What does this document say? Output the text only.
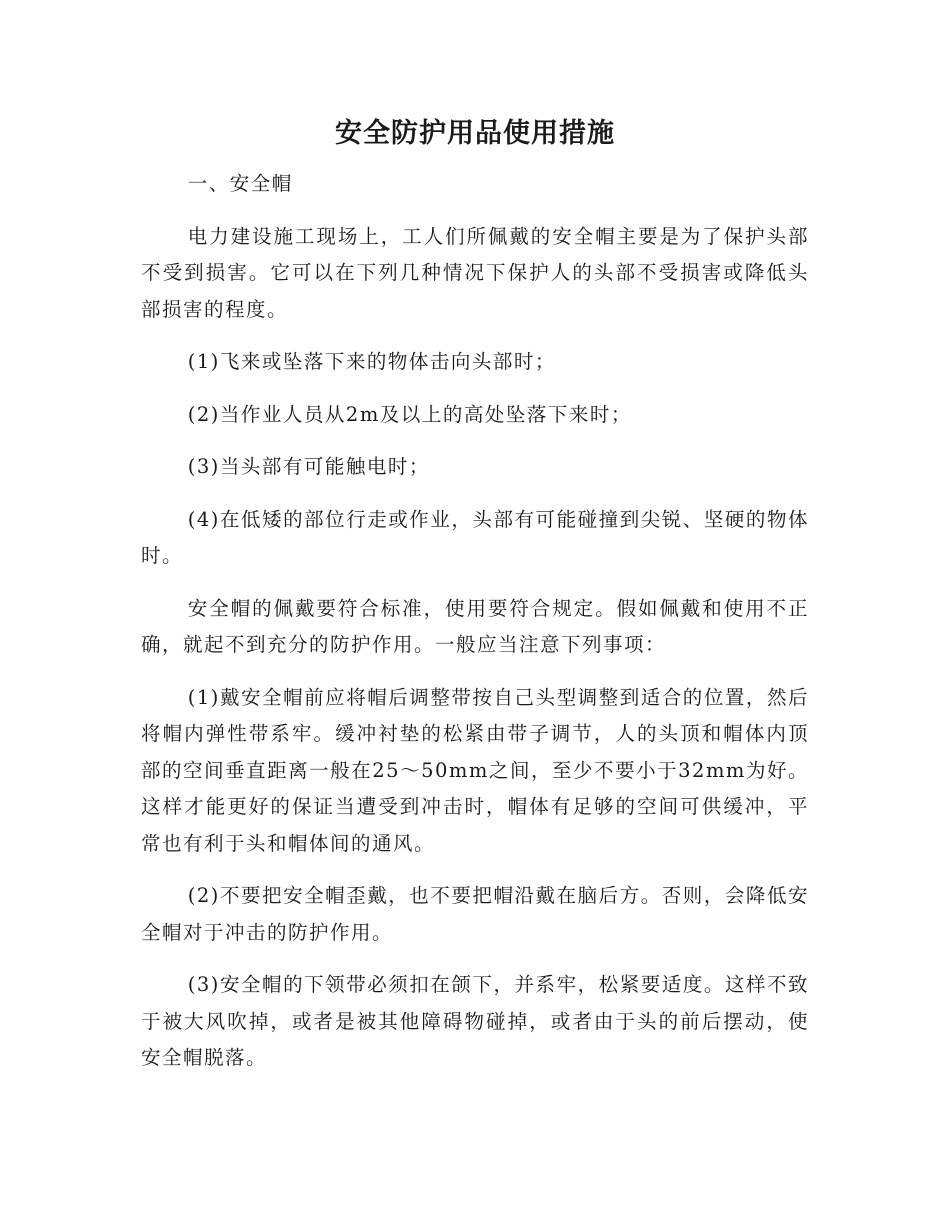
安全防护用品使用措施

一、安全帽

电力建设施工现场上，工人们所佩戴的安全帽主要是为了保护头部不受到损害。它可以在下列几种情况下保护人的头部不受损害或降低头部损害的程度。

(1)飞来或坠落下来的物体击向头部时；

(2)当作业人员从2m及以上的高处坠落下来时；

(3)当头部有可能触电时；

(4)在低矮的部位行走或作业，头部有可能碰撞到尖锐、坚硬的物体时。

安全帽的佩戴要符合标准，使用要符合规定。假如佩戴和使用不正确，就起不到充分的防护作用。一般应当注意下列事项：

(1)戴安全帽前应将帽后调整带按自己头型调整到适合的位置，然后将帽内弹性带系牢。缓冲衬垫的松紧由带子调节，人的头顶和帽体内顶部的空间垂直距离一般在25～50mm之间，至少不要小于32mm为好。这样才能更好的保证当遭受到冲击时，帽体有足够的空间可供缓冲，平常也有利于头和帽体间的通风。

(2)不要把安全帽歪戴，也不要把帽沿戴在脑后方。否则，会降低安全帽对于冲击的防护作用。

(3)安全帽的下领带必须扣在颌下，并系牢，松紧要适度。这样不致于被大风吹掉，或者是被其他障碍物碰掉，或者由于头的前后摆动，使安全帽脱落。
